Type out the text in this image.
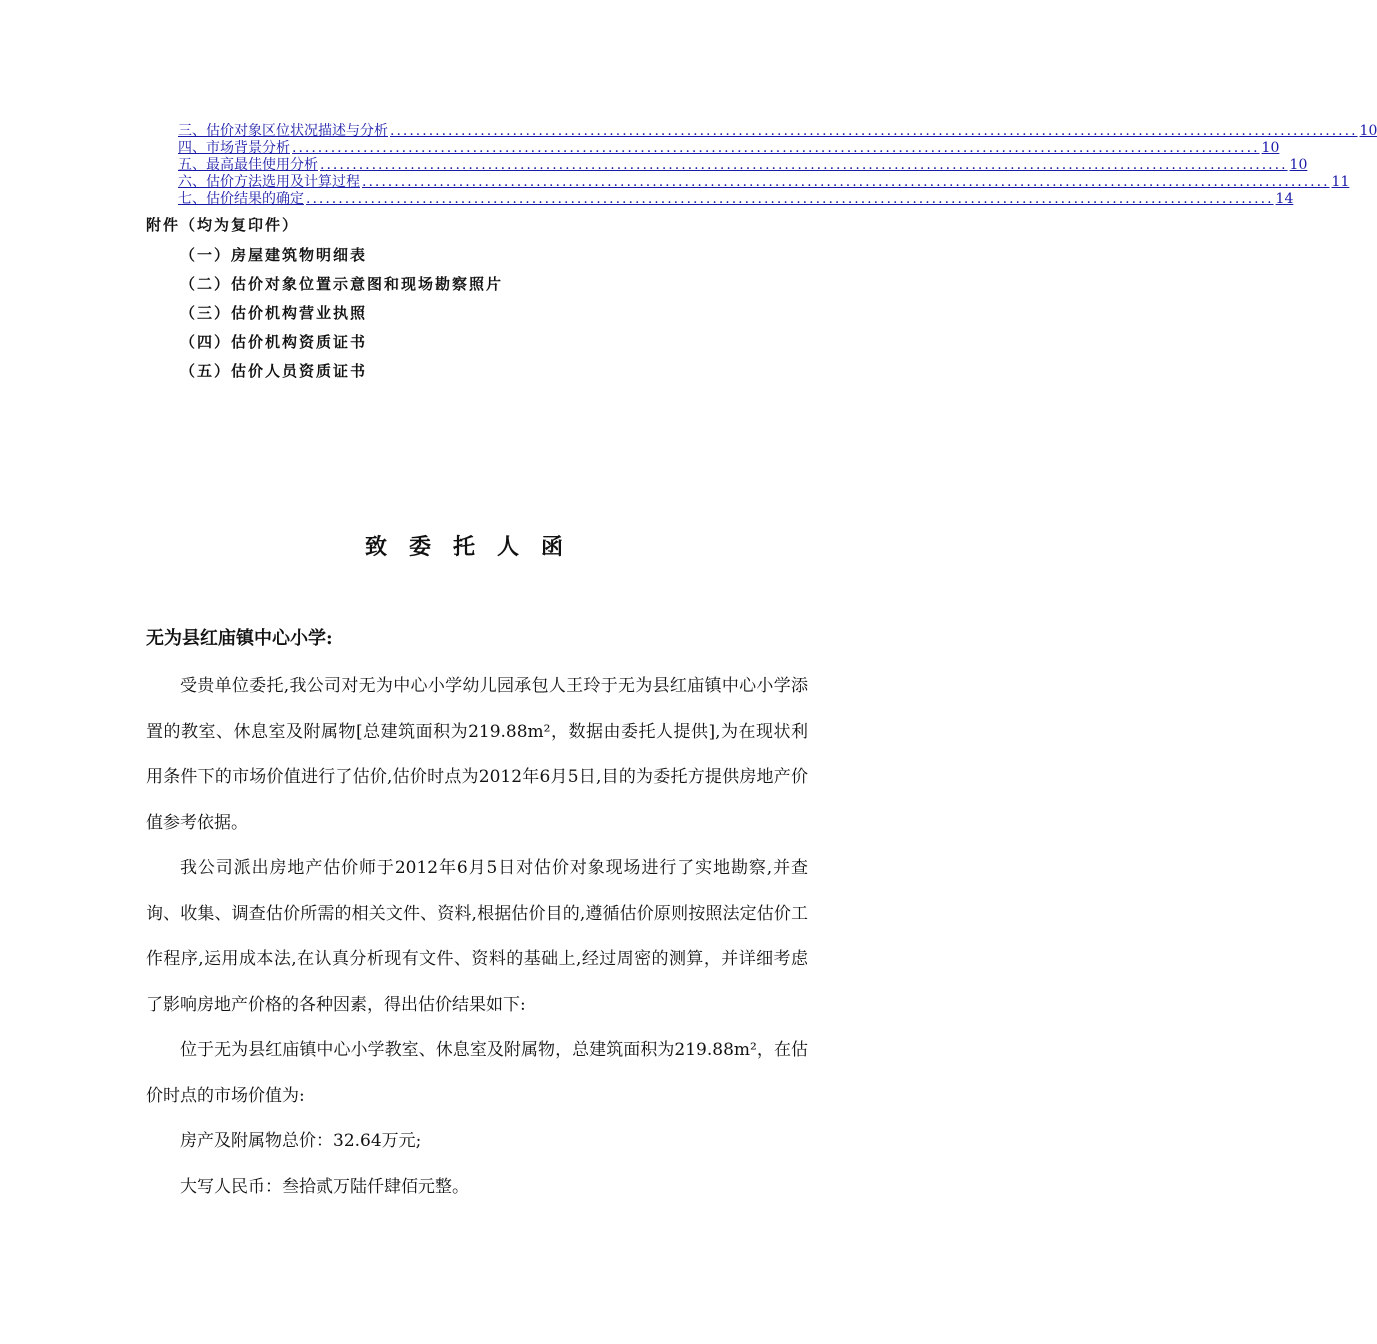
三、估价对象区位状况描述与分析 ...................................................................................................................................................... 10
四、市场背景分析 ...................................................................................................................................................... 10
五、最高最佳使用分析 ...................................................................................................................................................... 10
六、估价方法选用及计算过程 ...................................................................................................................................................... 11
七、估价结果的确定 ...................................................................................................................................................... 14
附件（均为复印件）
（一）房屋建筑物明细表
（二）估价对象位置示意图和现场勘察照片
（三）估价机构营业执照
（四）估价机构资质证书
（五）估价人员资质证书
致委托人函
无为县红庙镇中心小学:

受贵单位委托,我公司对无为中心小学幼儿园承包人王玲于无为县红庙镇中心小学添置的教室、休息室及附属物[总建筑面积为219.88m²，数据由委托人提供],为在现状利用条件下的市场价值进行了估价,估价时点为2012年6月5日,目的为委托方提供房地产价值参考依据。

我公司派出房地产估价师于2012年6月5日对估价对象现场进行了实地勘察,并查询、收集、调查估价所需的相关文件、资料,根据估价目的,遵循估价原则按照法定估价工作程序,运用成本法,在认真分析现有文件、资料的基础上,经过周密的测算，并详细考虑了影响房地产价格的各种因素，得出估价结果如下:

位于无为县红庙镇中心小学教室、休息室及附属物，总建筑面积为219.88m²，在估价时点的市场价值为:

房产及附属物总价：32.64万元;

大写人民币：叁拾贰万陆仟肆佰元整。
